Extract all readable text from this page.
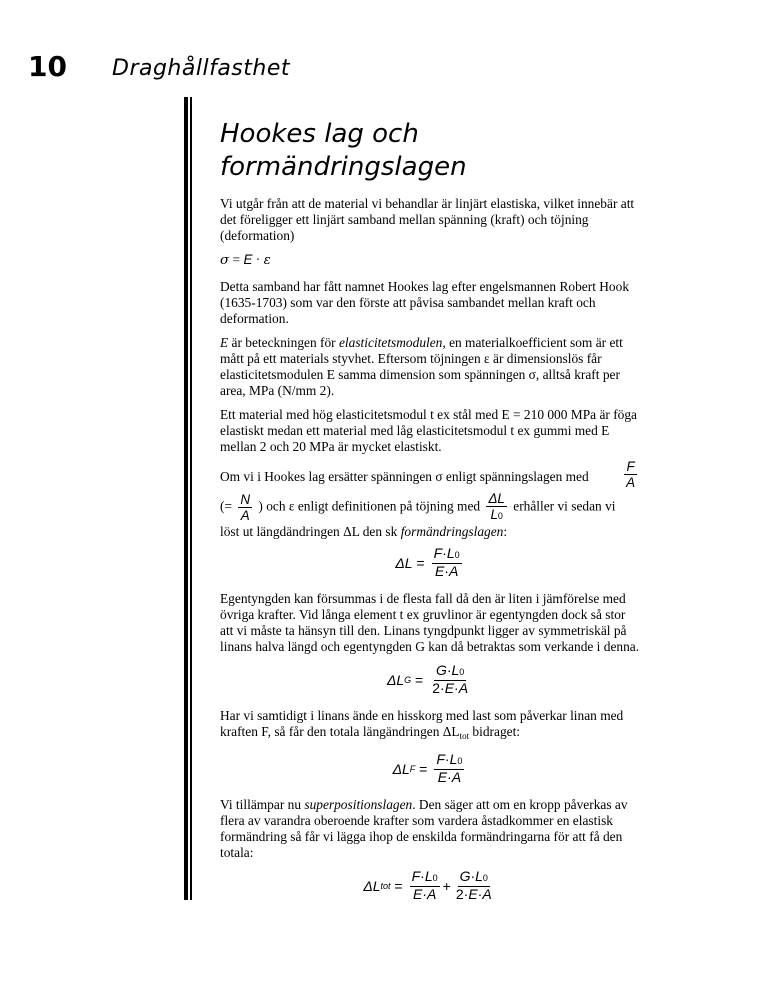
10 Draghållfasthet
Hookes lag och
formändringslagen

Vi utgår från att de material vi behandlar är linjärt elastiska, vilket innebär att det föreligger ett linjärt samband mellan spänning (kraft) och töjning (deformation)

σ = E · ε

Detta samband har fått namnet Hookes lag efter engelsmannen Robert Hook (1635-1703) som var den förste att påvisa sambandet mellan kraft och deformation.

E är beteckningen för elasticitetsmodulen, en materialkoefficient som är ett mått på ett materials styvhet. Eftersom töjningen ε är dimensionslös får elasticitetsmodulen E samma dimension som spänningen σ, alltså kraft per area, MPa (N/mm 2).

Ett material med hög elasticitetsmodul t ex stål med E = 210 000 MPa är föga elastiskt medan ett material med låg elasticitetsmodul t ex gummi med E mellan 2 och 20 MPa är mycket elastiskt.

Om vi i Hookes lag ersätter spänningen σ enligt spänningslagen med	$\frac{F}{A}$
(= $\frac{N}{A}$ ) och ε enligt definitionen på töjning med $\frac{\Delta L}{L0}$ erhåller vi sedan vi
löst ut längdändringen ΔL den sk formändringslagen:
ΔL
= $\frac{F\cdot L0}{E\cdot A}$

Egentyngden kan försummas i de flesta fall då den är liten i jämförelse med övriga krafter. Vid långa element t ex gruvlinor är egentyngden dock så stor att vi måste ta hänsyn till den. Linans tyngdpunkt ligger av symmetriskäl på linans halva längd och egentyngden G kan då betraktas som verkande i denna.

ΔL G
= $\frac{G\cdot L0}{2\cdot E\cdot A}$

Har vi samtidigt i linans ände en hisskorg med last som påverkar linan med kraften F, så får den totala längändringen $\Delta L_{tot}$ bidraget:

ΔL F
= $\frac{F\cdot L0}{E\cdot A}$

Vi tillämpar nu superpositionslagen. Den säger att om en kropp påverkas av flera av varandra oberoende krafter som vardera åstadkommer en elastisk formändring så får vi lägga ihop de enskilda formändringarna för att få den totala:

ΔL tot
= $\frac{F\cdot L0}{E\cdot A} + \frac{G\cdot L0}{2\cdot E\cdot A}$
